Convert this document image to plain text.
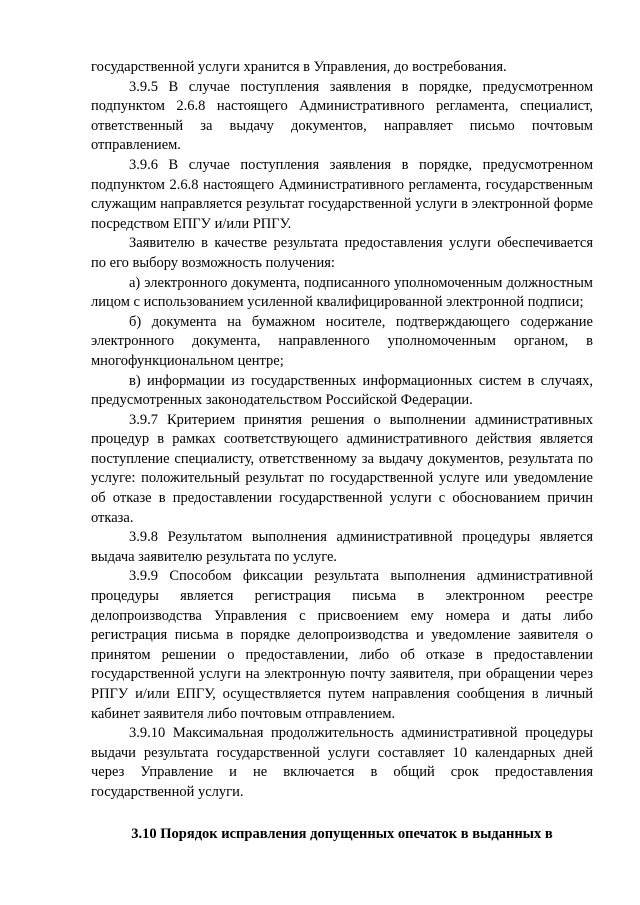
государственной услуги хранится в Управления, до востребования.

3.9.5 В случае поступления заявления в порядке, предусмотренном подпунктом 2.6.8 настоящего Административного регламента, специалист, ответственный за выдачу документов, направляет письмо почтовым отправлением.

3.9.6 В случае поступления заявления в порядке, предусмотренном подпунктом 2.6.8 настоящего Административного регламента, государственным служащим направляется результат государственной услуги в электронной форме посредством ЕПГУ и/или РПГУ.

Заявителю в качестве результата предоставления услуги обеспечивается по его выбору возможность получения:

а) электронного документа, подписанного уполномоченным должностным лицом с использованием усиленной квалифицированной электронной подписи;

б) документа на бумажном носителе, подтверждающего содержание электронного документа, направленного уполномоченным органом, в многофункциональном центре;

в) информации из государственных информационных систем в случаях, предусмотренных законодательством Российской Федерации.

3.9.7 Критерием принятия решения о выполнении административных процедур в рамках соответствующего административного действия является поступление специалисту, ответственному за выдачу документов, результата по услуге: положительный результат по государственной услуге или уведомление об отказе в предоставлении государственной услуги с обоснованием причин отказа.

3.9.8 Результатом выполнения административной процедуры является выдача заявителю результата по услуге.

3.9.9 Способом фиксации результата выполнения административной процедуры является регистрация письма в электронном реестре делопроизводства Управления с присвоением ему номера и даты либо регистрация письма в порядке делопроизводства и уведомление заявителя о принятом решении о предоставлении, либо об отказе в предоставлении государственной услуги на электронную почту заявителя, при обращении через РПГУ и/или ЕПГУ, осуществляется путем направления сообщения в личный кабинет заявителя либо почтовым отправлением.

3.9.10 Максимальная продолжительность административной процедуры выдачи результата государственной услуги составляет 10 календарных дней через Управление и не включается в общий срок предоставления государственной услуги.

3.10 Порядок исправления допущенных опечаток в выданных в
